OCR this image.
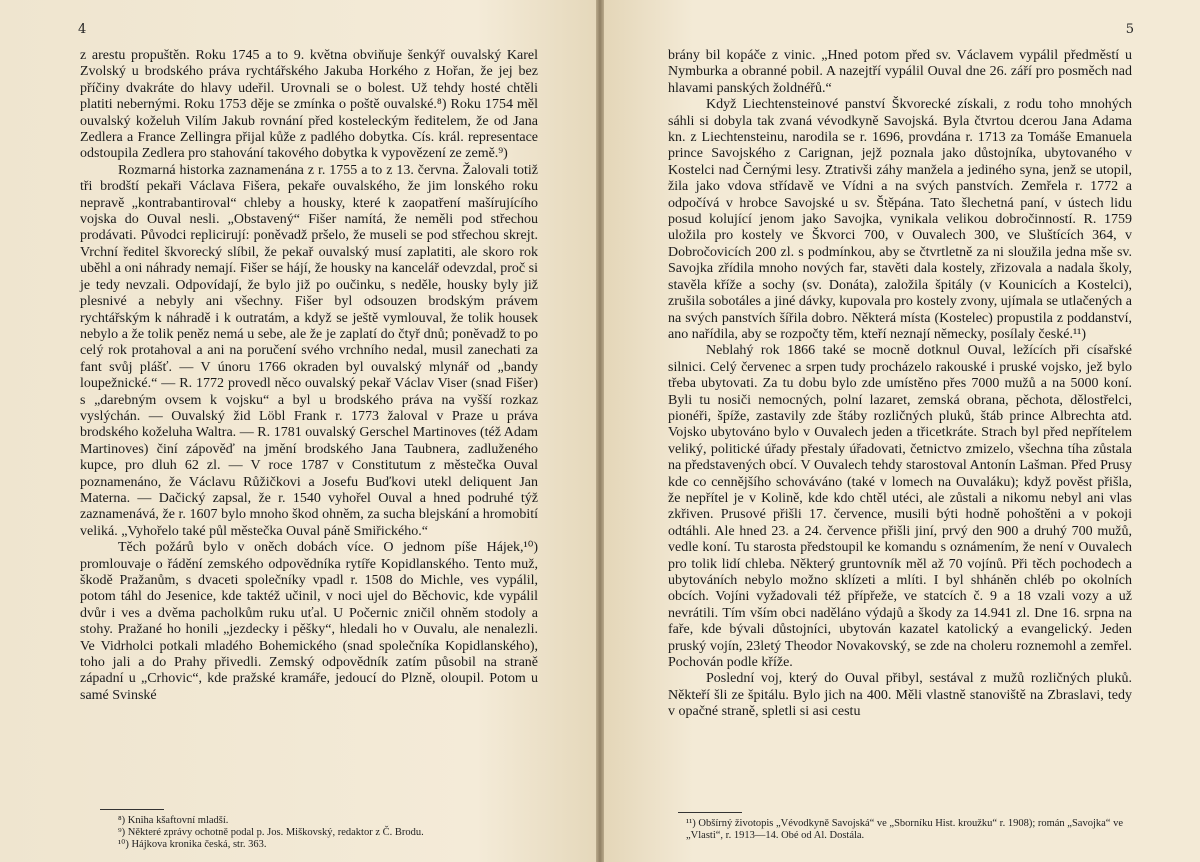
4

z arestu propuštěn. Roku 1745 a to 9. května obviňuje šenkýř ouvalský Karel Zvolský u brodského práva rychtářského Jakuba Horkého z Hořan, že jej bez příčiny dvakráte do hlavy udeřil. Urovnali se o bolest. Už tehdy hosté chtěli platiti nebernými. Roku 1753 děje se zmínka o poště ouvalské.⁸) Roku 1754 měl ouvalský koželuh Vilím Jakub rovnání před kosteleckým ředitelem, že od Jana Zedlera a France Zellingra přijal kůže z padlého dobytka. Cís. král. representace odstoupila Zedlera pro stahování takového dobytka k vypovězení ze země.⁹)

Rozmarná historka zaznamenána z r. 1755 a to z 13. června. Žalovali totiž tři brodští pekaři Václava Fišera, pekaře ouvalského, že jim lonského roku nepravě „kontrabantiroval“ chleby a housky, které k zaopatření mašírujícího vojska do Ouval nesli. „Obstavený“ Fišer namítá, že neměli pod střechou prodávati. Původci replicirují: poněvadž pršelo, že museli se pod střechou skrejt. Vrchní ředitel škvorecký slíbil, že pekař ouvalský musí zaplatiti, ale skoro rok uběhl a oni náhrady nemají. Fišer se hájí, že housky na kancelář odevzdal, proč si je tedy nevzali. Odpovídají, že bylo již po oučinku, s neděle, housky byly již plesnivé a nebyly ani všechny. Fišer byl odsouzen brodským právem rychtářským k náhradě i k outratám, a když se ještě vymlouval, že tolik housek nebylo a že tolik peněz nemá u sebe, ale že je zaplatí do čtyř dnů; poněvadž to po celý rok protahoval a ani na poručení svého vrchního nedal, musil zanechati za fant svůj plášť. — V únoru 1766 okraden byl ouvalský mlynář od „bandy loupežnické.“ — R. 1772 provedl něco ouvalský pekař Václav Viser (snad Fišer) s „darebným ovsem k vojsku“ a byl u brodského práva na vyšší rozkaz vyslýchán. — Ouvalský žid Löbl Frank r. 1773 žaloval v Praze u práva brodského koželuha Waltra. — R. 1781 ouvalský Gerschel Martinoves (též Adam Martinoves) činí zápověď na jmění brodského Jana Taubnera, zadluženého kupce, pro dluh 62 zl. — V roce 1787 v Constitutum z městečka Ouval poznamenáno, že Václavu Růžičkovi a Josefu Buďkovi utekl deliquent Jan Materna. — Dačický zapsal, že r. 1540 vyhořel Ouval a hned podruhé týž zaznamenává, že r. 1607 bylo mnoho škod ohněm, za sucha blejskání a hromobití veliká. „Vyhořelo také půl městečka Ouval páně Smiřického.“

Těch požárů bylo v oněch dobách více. O jednom píše Hájek,¹⁰) promlouvaje o řádění zemského odpovědníka rytíře Kopidlanského. Tento muž, škodě Pražanům, s dvaceti společníky vpadl r. 1508 do Michle, ves vypálil, potom táhl do Jesenice, kde taktéž učinil, v noci ujel do Běchovic, kde vypálil dvůr i ves a dvěma pacholkům ruku uťal. U Počernic zničil ohněm stodoly a stohy. Pražané ho honili „jezdecky i pěšky“, hledali ho v Ouvalu, ale nenalezli. Ve Vidrholci potkali mladého Bohemického (snad společníka Kopidlanského), toho jali a do Prahy přivedli. Zemský odpovědník zatím působil na straně západní u „Crhovic“, kde pražské kramáře, jedoucí do Plzně, oloupil. Potom u samé Svinské

⁸) Kniha kšaftovní mladší.
⁹) Některé zprávy ochotně podal p. Jos. Miškovský, redaktor z Č. Brodu.
¹⁰) Hájkova kronika česká, str. 363.
5

brány bil kopáče z vinic. „Hned potom před sv. Václavem vypálil předměstí u Nymburka a obranné pobil. A nazejtří vypálil Ouval dne 26. září pro posměch nad hlavami panských žoldnéřů.“

Když Liechtensteinové panství Škvorecké získali, z rodu toho mnohých sáhli si dobyla tak zvaná vévodkyně Savojská. Byla čtvrtou dcerou Jana Adama kn. z Liechtensteinu, narodila se r. 1696, provdána r. 1713 za Tomáše Emanuela prince Savojského z Carignan, jejž poznala jako důstojníka, ubytovaného v Kostelci nad Černými lesy. Ztrativši záhy manžela a jediného syna, jenž se utopil, žila jako vdova střídavě ve Vídni a na svých panstvích. Zemřela r. 1772 a odpočívá v hrobce Savojské u sv. Štěpána. Tato šlechetná paní, v ústech lidu posud kolující jenom jako Savojka, vynikala velikou dobročinností. R. 1759 uložila pro kostely ve Škvorci 700, v Ouvalech 300, ve Sluštících 364, v Dobročovicích 200 zl. s podmínkou, aby se čtvrtletně za ni sloužila jedna mše sv. Savojka zřídila mnoho nových far, stavěti dala kostely, zřizovala a nadala školy, stavěla kříže a sochy (sv. Donáta), založila špitály (v Kounicích a Kostelci), zrušila sobotáles a jiné dávky, kupovala pro kostely zvony, ujímala se utlačených a na svých panstvích šířila dobro. Některá místa (Kostelec) propustila z poddanství, ano nařídila, aby se rozpočty těm, kteří neznají německy, posílaly české.¹¹)

Neblahý rok 1866 také se mocně dotknul Ouval, ležících při císařské silnici. Celý červenec a srpen tudy procházelo rakouské i pruské vojsko, jež bylo třeba ubytovati. Za tu dobu bylo zde umístěno přes 7000 mužů a na 5000 koní. Byli tu nosiči nemocných, polní lazaret, zemská obrana, pěchota, dělostřelci, pionéři, špíže, zastavily zde štáby rozličných pluků, štáb prince Albrechta atd. Vojsko ubytováno bylo v Ouvalech jeden a třicetkráte. Strach byl před nepřítelem veliký, politické úřady přestaly úřadovati, četnictvo zmizelo, všechna tíha zůstala na představených obcí. V Ouvalech tehdy starostoval Antonín Lašman. Před Prusy kde co cennějšího schováváno (také v lomech na Ouvaláku); když pověst přišla, že nepřítel je v Kolině, kde kdo chtěl utéci, ale zůstali a nikomu nebyl ani vlas zkřiven. Prusové přišli 17. července, musili býti hodně pohoštěni a v pokoji odtáhli. Ale hned 23. a 24. července přišli jiní, prvý den 900 a druhý 700 mužů, vedle koní. Tu starosta předstoupil ke komandu s oznámením, že není v Ouvalech pro tolik lidí chleba. Některý gruntovník měl až 70 vojínů. Při těch pochodech a ubytováních nebylo možno sklízeti a mlíti. I byl shháněn chléb po okolních obcích. Vojíni vyžadovali též přípřeže, ve statcích č. 9 a 18 vzali vozy a už nevrátili. Tím vším obci naděláno výdajů a škody za 14.941 zl. Dne 16. srpna na faře, kde bývali důstojníci, ubytován kazatel katolický a evangelický. Jeden pruský vojín, 23letý Theodor Novakovský, se zde na choleru roznemohl a zemřel. Pochován podle kříže.

Poslední voj, který do Ouval přibyl, sestával z mužů rozličných pluků. Někteří šli ze špitálu. Bylo jich na 400. Měli vlastně stanoviště na Zbraslavi, tedy v opačné straně, spletli si asi cestu

¹¹) Obšírný životopis „Vévodkyně Savojská“ ve „Sborníku Hist. kroužku“ r. 1908); román „Savojka“ ve „Vlasti“, r. 1913—14. Obé od Al. Dostála.
